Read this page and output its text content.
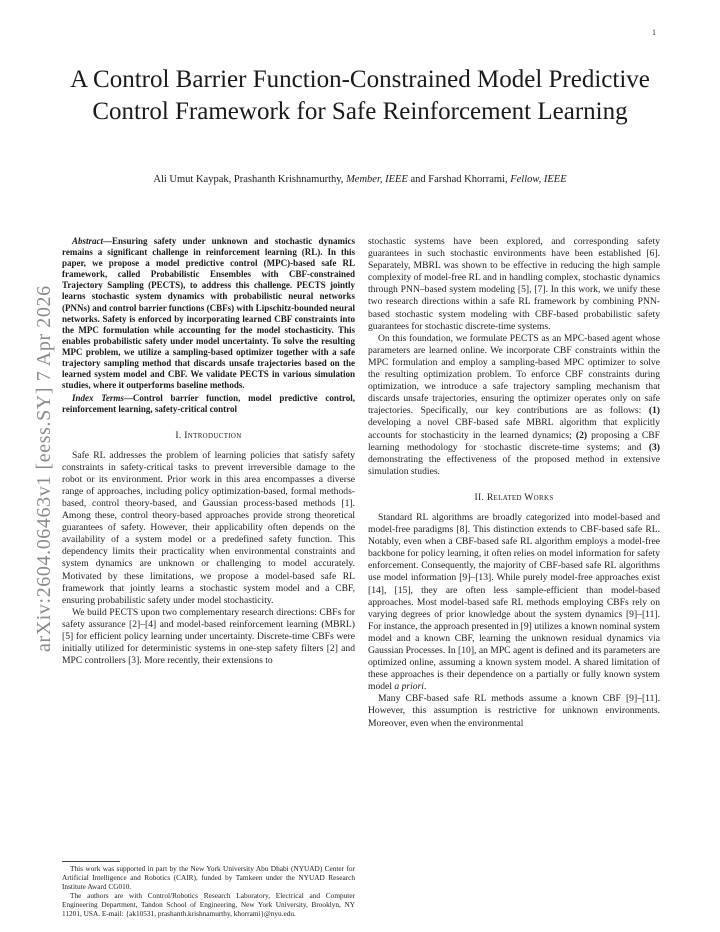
1
arXiv:2604.06463v1 [eess.SY] 7 Apr 2026
A Control Barrier Function-Constrained Model Predictive Control Framework for Safe Reinforcement Learning
Ali Umut Kaypak, Prashanth Krishnamurthy, Member, IEEE and Farshad Khorrami, Fellow, IEEE

Abstract—Ensuring safety under unknown and stochastic dynamics remains a significant challenge in reinforcement learning (RL). In this paper, we propose a model predictive control (MPC)-based safe RL framework, called Probabilistic Ensembles with CBF-constrained Trajectory Sampling (PECTS), to address this challenge. PECTS jointly learns stochastic system dynamics with probabilistic neural networks (PNNs) and control barrier functions (CBFs) with Lipschitz-bounded neural networks. Safety is enforced by incorporating learned CBF constraints into the MPC formulation while accounting for the model stochasticity. This enables probabilistic safety under model uncertainty. To solve the resulting MPC problem, we utilize a sampling-based optimizer together with a safe trajectory sampling method that discards unsafe trajectories based on the learned system model and CBF. We validate PECTS in various simulation studies, where it outperforms baseline methods.

Index Terms—Control barrier function, model predictive control, reinforcement learning, safety-critical control

I. Introduction

Safe RL addresses the problem of learning policies that satisfy safety constraints in safety-critical tasks to prevent irreversible damage to the robot or its environment. Prior work in this area encompasses a diverse range of approaches, including policy optimization-based, formal methods-based, control theory-based, and Gaussian process-based methods [1]. Among these, control theory-based approaches provide strong theoretical guarantees of safety. However, their applicability often depends on the availability of a system model or a predefined safety function. This dependency limits their practicality when environmental constraints and system dynamics are unknown or challenging to model accurately. Motivated by these limitations, we propose a model-based safe RL framework that jointly learns a stochastic system model and a CBF, ensuring probabilistic safety under model stochasticity.

We build PECTS upon two complementary research directions: CBFs for safety assurance [2]–[4] and model-based reinforcement learning (MBRL) [5] for efficient policy learning under uncertainty. Discrete-time CBFs were initially utilized for deterministic systems in one-step safety filters [2] and MPC controllers [3]. More recently, their extensions to

stochastic systems have been explored, and corresponding safety guarantees in such stochastic environments have been established [6]. Separately, MBRL was shown to be effective in reducing the high sample complexity of model-free RL and in handling complex, stochastic dynamics through PNN–based system modeling [5], [7]. In this work, we unify these two research directions within a safe RL framework by combining PNN-based stochastic system modeling with CBF-based probabilistic safety guarantees for stochastic discrete-time systems.

On this foundation, we formulate PECTS as an MPC-based agent whose parameters are learned online. We incorporate CBF constraints within the MPC formulation and employ a sampling-based MPC optimizer to solve the resulting optimization problem. To enforce CBF constraints during optimization, we introduce a safe trajectory sampling mechanism that discards unsafe trajectories, ensuring the optimizer operates only on safe trajectories. Specifically, our key contributions are as follows: (1) developing a novel CBF-based safe MBRL algorithm that explicitly accounts for stochasticity in the learned dynamics; (2) proposing a CBF learning methodology for stochastic discrete-time systems; and (3) demonstrating the effectiveness of the proposed method in extensive simulation studies.

II. Related Works

Standard RL algorithms are broadly categorized into model-based and model-free paradigms [8]. This distinction extends to CBF-based safe RL. Notably, even when a CBF-based safe RL algorithm employs a model-free backbone for policy learning, it often relies on model information for safety enforcement. Consequently, the majority of CBF-based safe RL algorithms use model information [9]–[13]. While purely model-free approaches exist [14], [15], they are often less sample-efficient than model-based approaches. Most model-based safe RL methods employing CBFs rely on varying degrees of prior knowledge about the system dynamics [9]–[11]. For instance, the approach presented in [9] utilizes a known nominal system model and a known CBF, learning the unknown residual dynamics via Gaussian Processes. In [10], an MPC agent is defined and its parameters are optimized online, assuming a known system model. A shared limitation of these approaches is their dependence on a partially or fully known system model a priori.

Many CBF-based safe RL methods assume a known CBF [9]–[11]. However, this assumption is restrictive for unknown environments. Moreover, even when the environmental

This work was supported in part by the New York University Abu Dhabi (NYUAD) Center for Artificial Intelligence and Robotics (CAIR), funded by Tamkeen under the NYUAD Research Institute Award CG010.

The authors are with Control/Robotics Research Laboratory, Electrical and Computer Engineering Department, Tandon School of Engineering, New York University, Brooklyn, NY 11201, USA. E-mail: {ak10531, prashanth.krishnamurthy, khorrami}@nyu.edu.
